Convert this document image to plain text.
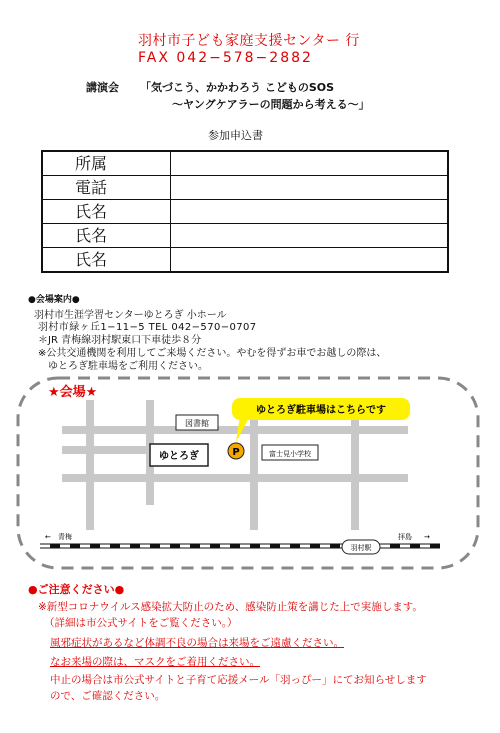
羽村市子ども家庭支援センター 行
FAX 042−578−2882
講演会 「気づこう、かかわろう こどものSOS
～ヤングケアラーの問題から考える～」
参加申込書
所属	
電話	
氏名	
氏名	
氏名	
●会場案内●
羽村市生涯学習センターゆとろぎ 小ホール
羽村市緑ヶ丘1−11−5 TEL 042−570−0707
＊JR 青梅線羽村駅東口下車徒歩８分
※公共交通機関を利用してご来場ください。やむを得ずお車でお越しの際は、
ゆとろぎ駐車場をご利用ください。
図書館
ゆとろぎ	P	富士見小学校
ゆとろぎ駐車場はこちらです
★会場★
← 青梅	拝島 →
羽村駅
●ご注意ください●
※新型コロナウイルス感染拡大防止のため、感染防止策を講じた上で実施します。
（詳細は市公式サイトをご覧ください。）
風邪症状があるなど体調不良の場合は来場をご遠慮ください。
なお来場の際は、マスクをご着用ください。
中止の場合は市公式サイトと子育て応援メール「羽っぴー」にてお知らせします
ので、ご確認ください。
